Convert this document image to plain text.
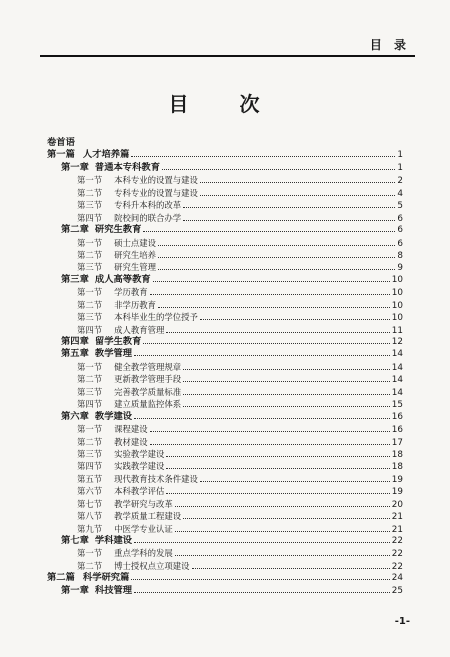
目 录
目 次
卷首语
第一篇 人才培养篇	1
第一章 普通本专科教育	1
第一节 本科专业的设置与建设	2
第二节 专科专业的设置与建设	4
第三节 专科升本科的改革	5
第四节 院校间的联合办学	6
第二章 研究生教育	6
第一节 硕士点建设	6
第二节 研究生培养	8
第三节 研究生管理	9
第三章 成人高等教育	10
第一节 学历教育	10
第二节 非学历教育	10
第三节 本科毕业生的学位授予	10
第四节 成人教育管理	11
第四章 留学生教育	12
第五章 教学管理	14
第一节 健全教学管理规章	14
第二节 更新教学管理手段	14
第三节 完善教学质量标准	14
第四节 建立质量监控体系	15
第六章 教学建设	16
第一节 课程建设	16
第二节 教材建设	17
第三节 实验教学建设	18
第四节 实践教学建设	18
第五节 现代教育技术条件建设	19
第六节 本科教学评估	19
第七节 教学研究与改革	20
第八节 教学质量工程建设	21
第九节 中医学专业认证	21
第七章 学科建设	22
第一节 重点学科的发展	22
第二节 博士授权点立项建设	22
第二篇 科学研究篇	24
第一章 科技管理	25
-1-
